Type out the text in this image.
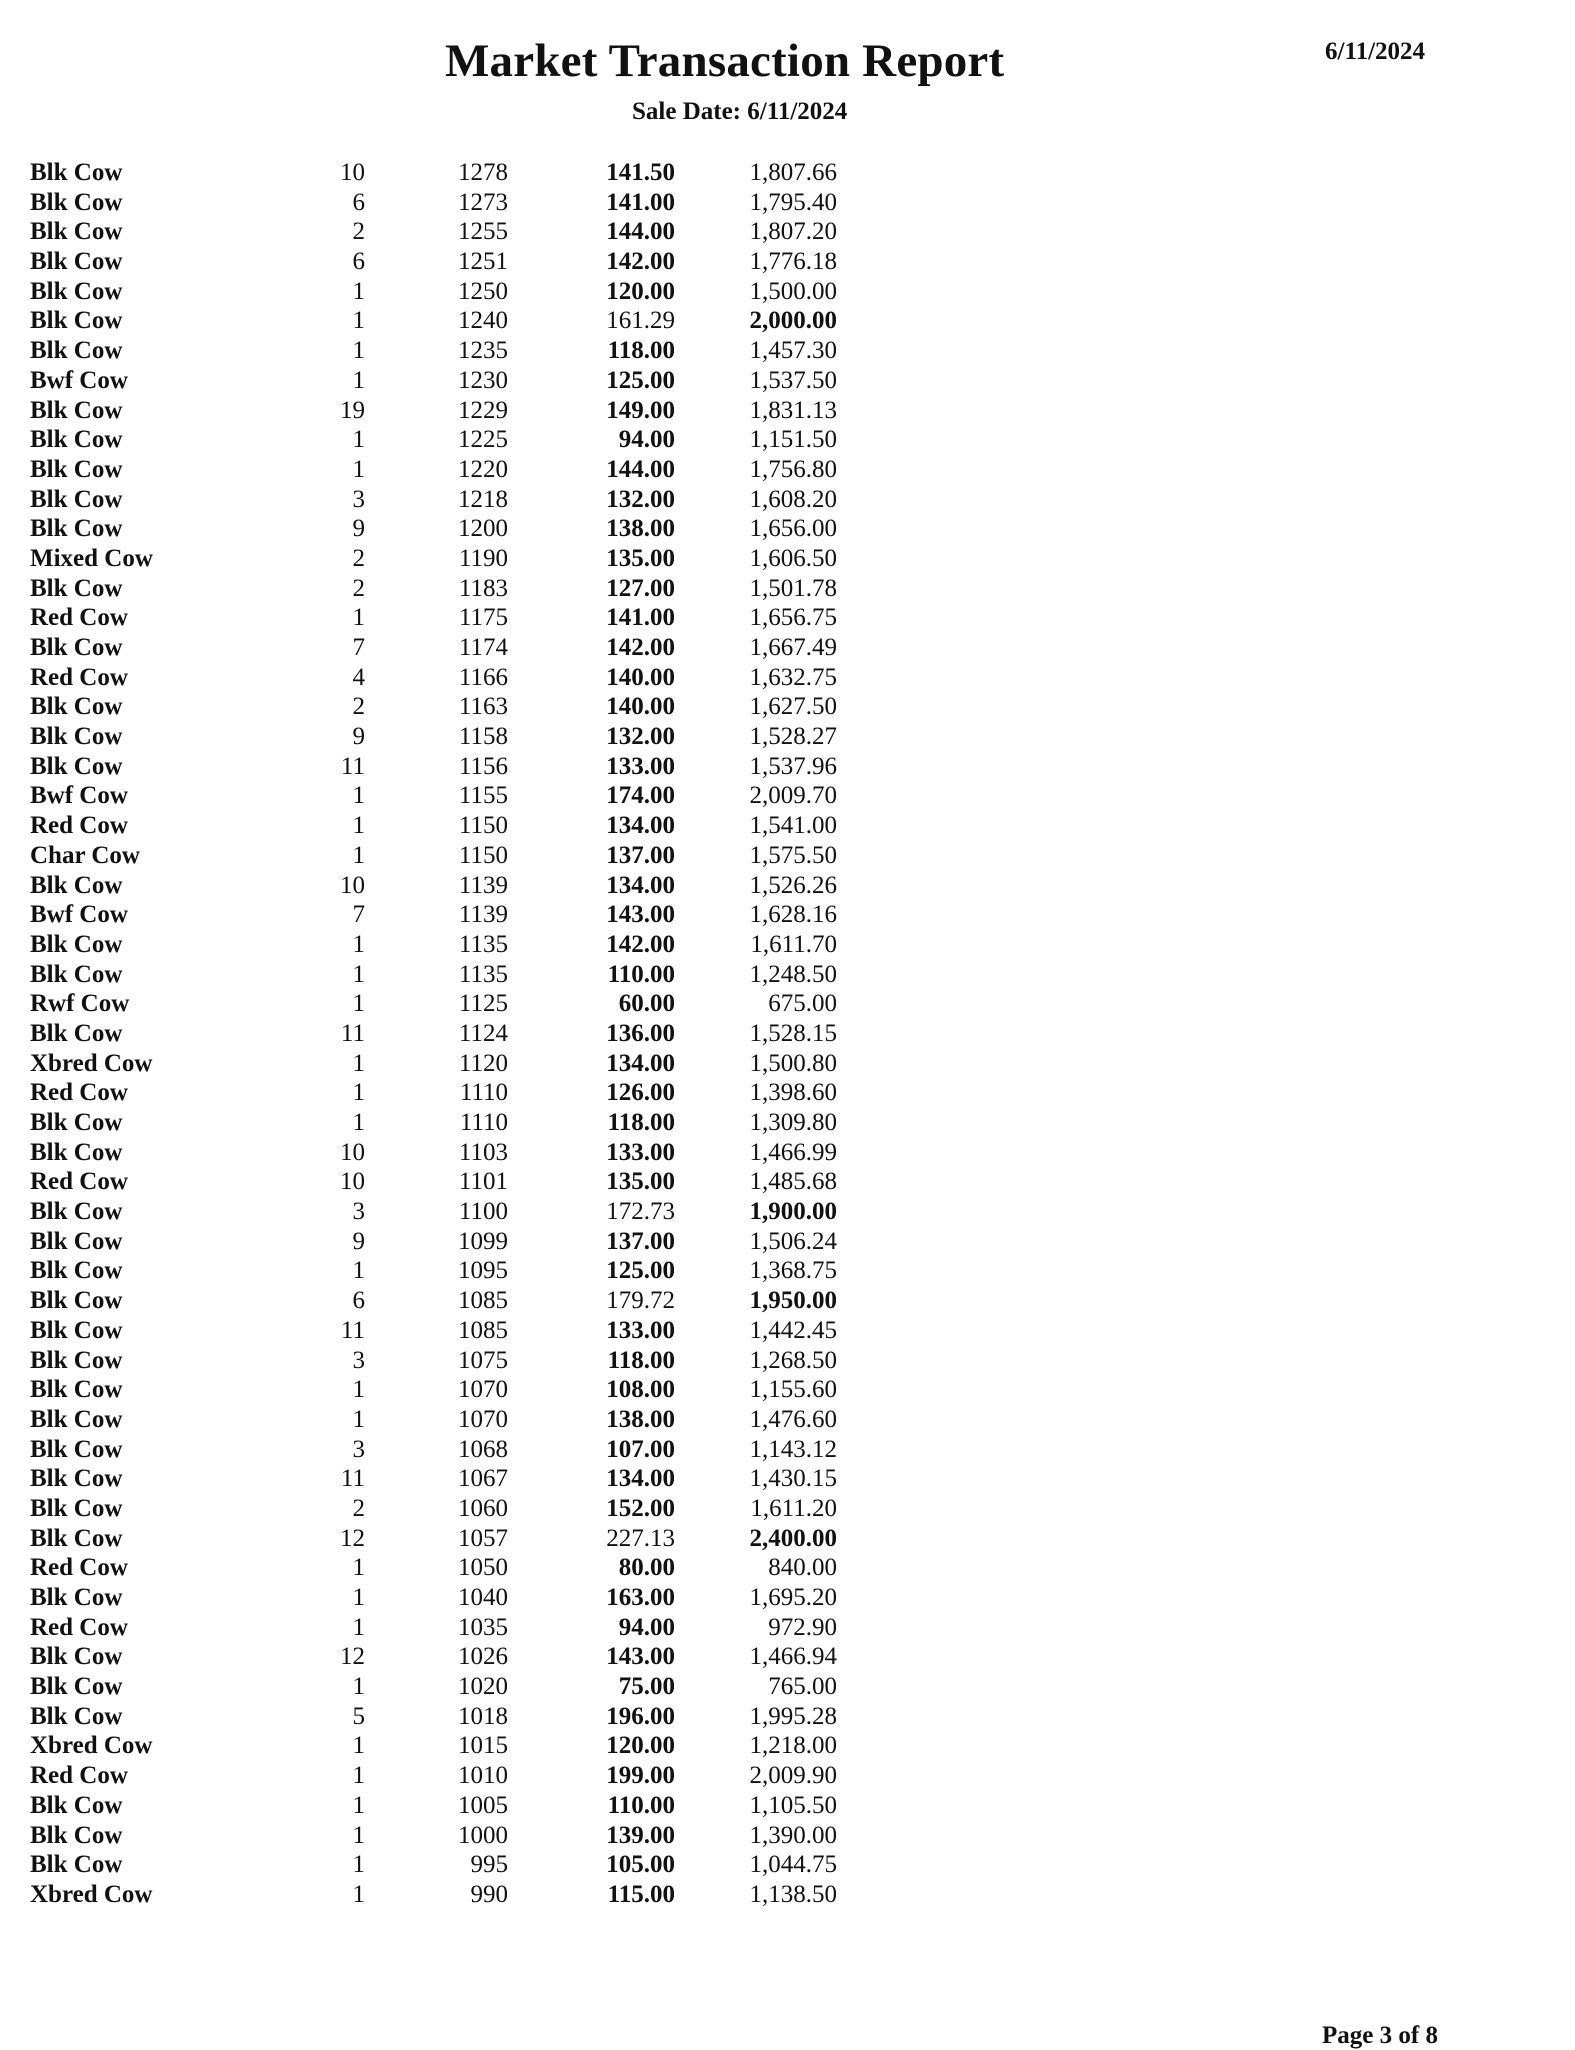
Market Transaction Report	6/11/2024
Sale Date: 6/11/2024
Blk Cow	10	1278	141.50	1,807.66
Blk Cow	6	1273	141.00	1,795.40
Blk Cow	2	1255	144.00	1,807.20
Blk Cow	6	1251	142.00	1,776.18
Blk Cow	1	1250	120.00	1,500.00
Blk Cow	1	1240	161.29	2,000.00
Blk Cow	1	1235	118.00	1,457.30
Bwf Cow	1	1230	125.00	1,537.50
Blk Cow	19	1229	149.00	1,831.13
Blk Cow	1	1225	94.00	1,151.50
Blk Cow	1	1220	144.00	1,756.80
Blk Cow	3	1218	132.00	1,608.20
Blk Cow	9	1200	138.00	1,656.00
Mixed Cow	2	1190	135.00	1,606.50
Blk Cow	2	1183	127.00	1,501.78
Red Cow	1	1175	141.00	1,656.75
Blk Cow	7	1174	142.00	1,667.49
Red Cow	4	1166	140.00	1,632.75
Blk Cow	2	1163	140.00	1,627.50
Blk Cow	9	1158	132.00	1,528.27
Blk Cow	11	1156	133.00	1,537.96
Bwf Cow	1	1155	174.00	2,009.70
Red Cow	1	1150	134.00	1,541.00
Char Cow	1	1150	137.00	1,575.50
Blk Cow	10	1139	134.00	1,526.26
Bwf Cow	7	1139	143.00	1,628.16
Blk Cow	1	1135	142.00	1,611.70
Blk Cow	1	1135	110.00	1,248.50
Rwf Cow	1	1125	60.00	675.00
Blk Cow	11	1124	136.00	1,528.15
Xbred Cow	1	1120	134.00	1,500.80
Red Cow	1	1110	126.00	1,398.60
Blk Cow	1	1110	118.00	1,309.80
Blk Cow	10	1103	133.00	1,466.99
Red Cow	10	1101	135.00	1,485.68
Blk Cow	3	1100	172.73	1,900.00
Blk Cow	9	1099	137.00	1,506.24
Blk Cow	1	1095	125.00	1,368.75
Blk Cow	6	1085	179.72	1,950.00
Blk Cow	11	1085	133.00	1,442.45
Blk Cow	3	1075	118.00	1,268.50
Blk Cow	1	1070	108.00	1,155.60
Blk Cow	1	1070	138.00	1,476.60
Blk Cow	3	1068	107.00	1,143.12
Blk Cow	11	1067	134.00	1,430.15
Blk Cow	2	1060	152.00	1,611.20
Blk Cow	12	1057	227.13	2,400.00
Red Cow	1	1050	80.00	840.00
Blk Cow	1	1040	163.00	1,695.20
Red Cow	1	1035	94.00	972.90
Blk Cow	12	1026	143.00	1,466.94
Blk Cow	1	1020	75.00	765.00
Blk Cow	5	1018	196.00	1,995.28
Xbred Cow	1	1015	120.00	1,218.00
Red Cow	1	1010	199.00	2,009.90
Blk Cow	1	1005	110.00	1,105.50
Blk Cow	1	1000	139.00	1,390.00
Blk Cow	1	995	105.00	1,044.75
Xbred Cow	1	990	115.00	1,138.50
Page 3 of 8
